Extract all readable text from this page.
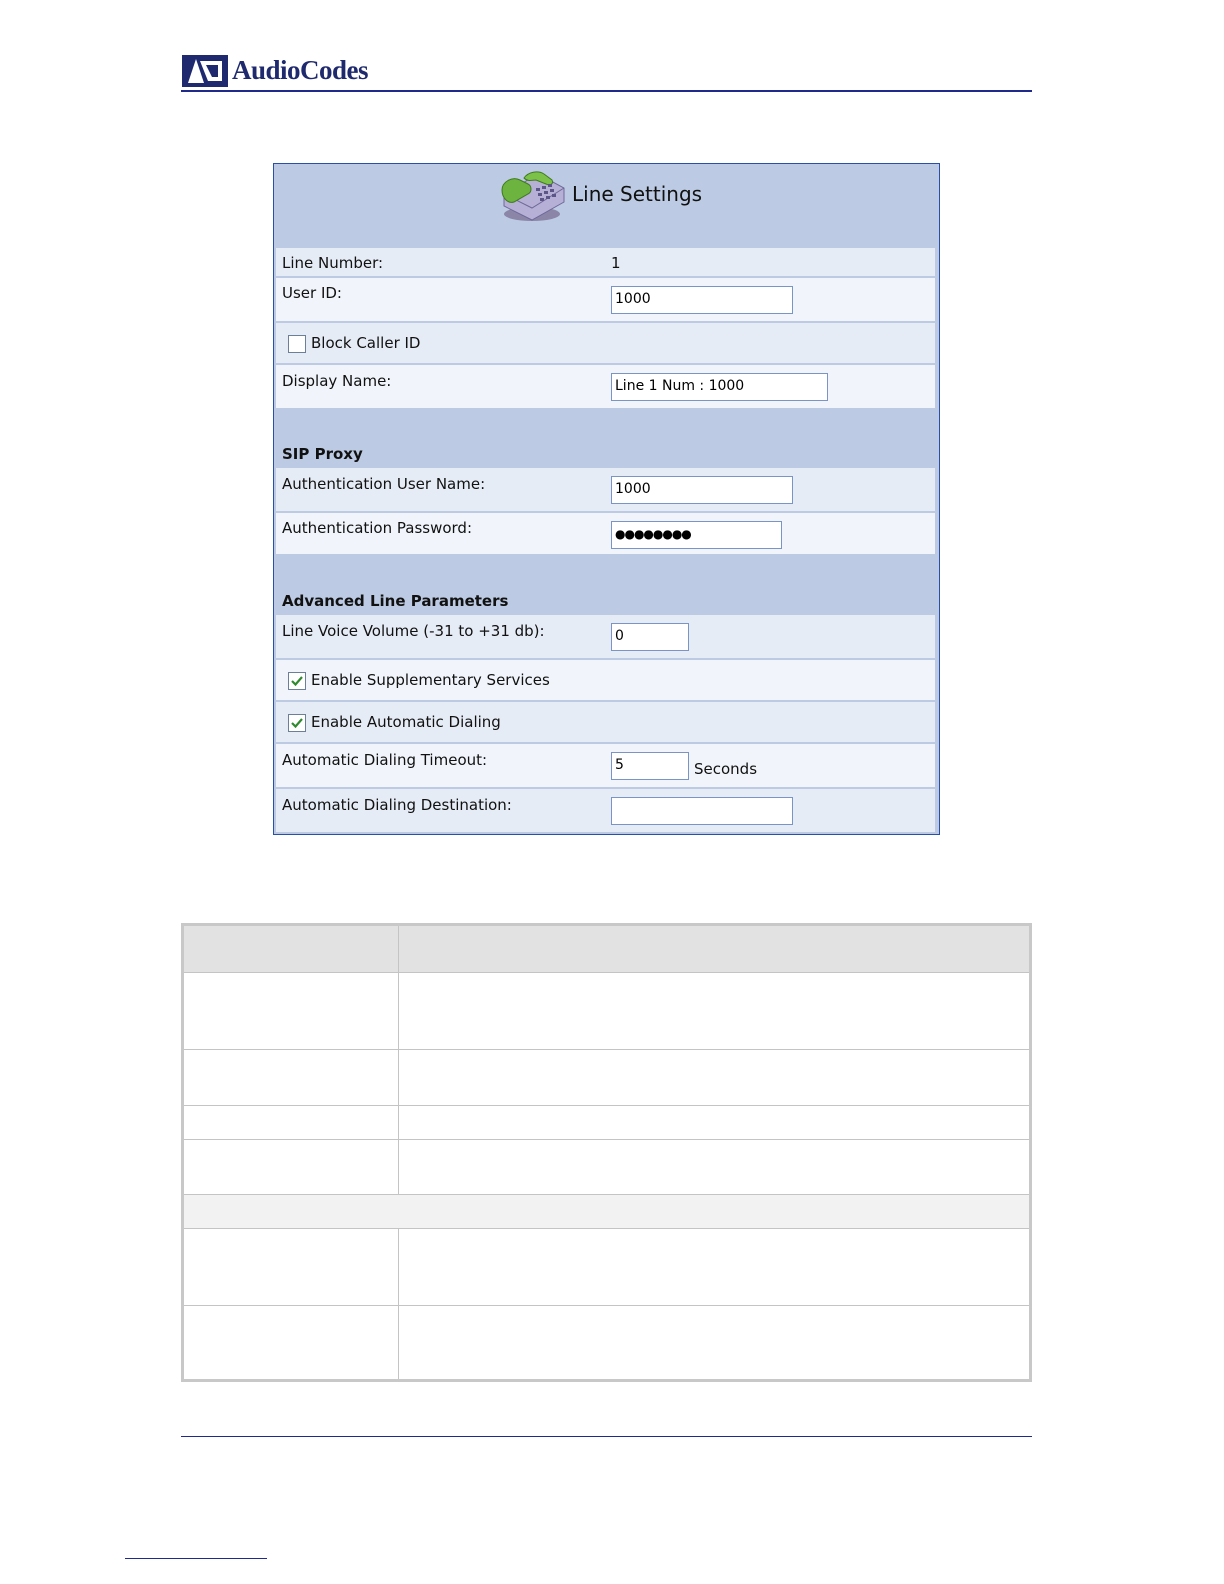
AudioCodes
Line Settings
Line Number:	1
User ID:	1000
Block Caller ID
Display Name:	Line 1 Num : 1000
SIP Proxy
Authentication User Name:	1000
Authentication Password:	●●●●●●●●
Advanced Line Parameters
Line Voice Volume (-31 to +31 db):	0
Enable Supplementary Services
Enable Automatic Dialing
Automatic Dialing Timeout:	5	Seconds
Automatic Dialing Destination:
